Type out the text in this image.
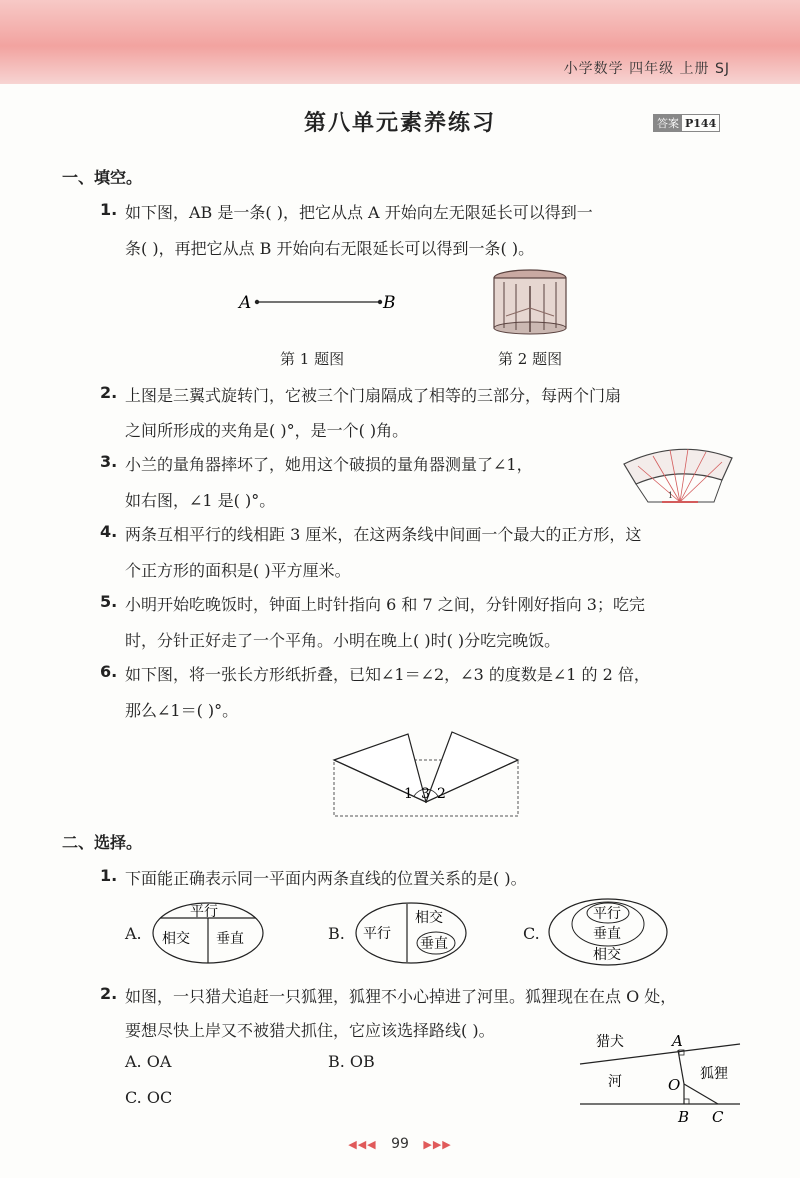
小学数学 四年级 上册 SJ
第八单元素养练习	答案 P144
一、填空。
1. 如下图，AB 是一条( )，把它从点 A 开始向左无限延长可以得到一
条( )，再把它从点 B 开始向右无限延长可以得到一条( )。
A	B
第 1 题图	第 2 题图
2. 上图是三翼式旋转门，它被三个门扇隔成了相等的三部分，每两个门扇
之间所形成的夹角是( )°，是一个( )角。
3. 小兰的量角器摔坏了，她用这个破损的量角器测量了∠1，
如右图，∠1 是( )°。	1
4. 两条互相平行的线相距 3 厘米，在这两条线中间画一个最大的正方形，这
个正方形的面积是( )平方厘米。
5. 小明开始吃晚饭时，钟面上时针指向 6 和 7 之间，分针刚好指向 3；吃完
时，分针正好走了一个平角。小明在晚上( )时( )分吃完晚饭。
6. 如下图，将一张长方形纸折叠，已知∠1＝∠2，∠3 的度数是∠1 的 2 倍，
那么∠1＝( )°。
1 3 2
二、选择。
1. 下面能正确表示同一平面内两条直线的位置关系的是( )。
A.
平行
相交 垂直	B. 平行
相交
垂直
C.
平行
垂直
相交
2. 如图，一只猎犬追赶一只狐狸，狐狸不小心掉进了河里。狐狸现在在点 O 处，
要想尽快上岸又不被猎犬抓住，它应该选择路线( )。
A. OA	B. OB
C. OC
猎犬
河	狐狸
A
O
B C
◀◀◀ 99 ▶▶▶
